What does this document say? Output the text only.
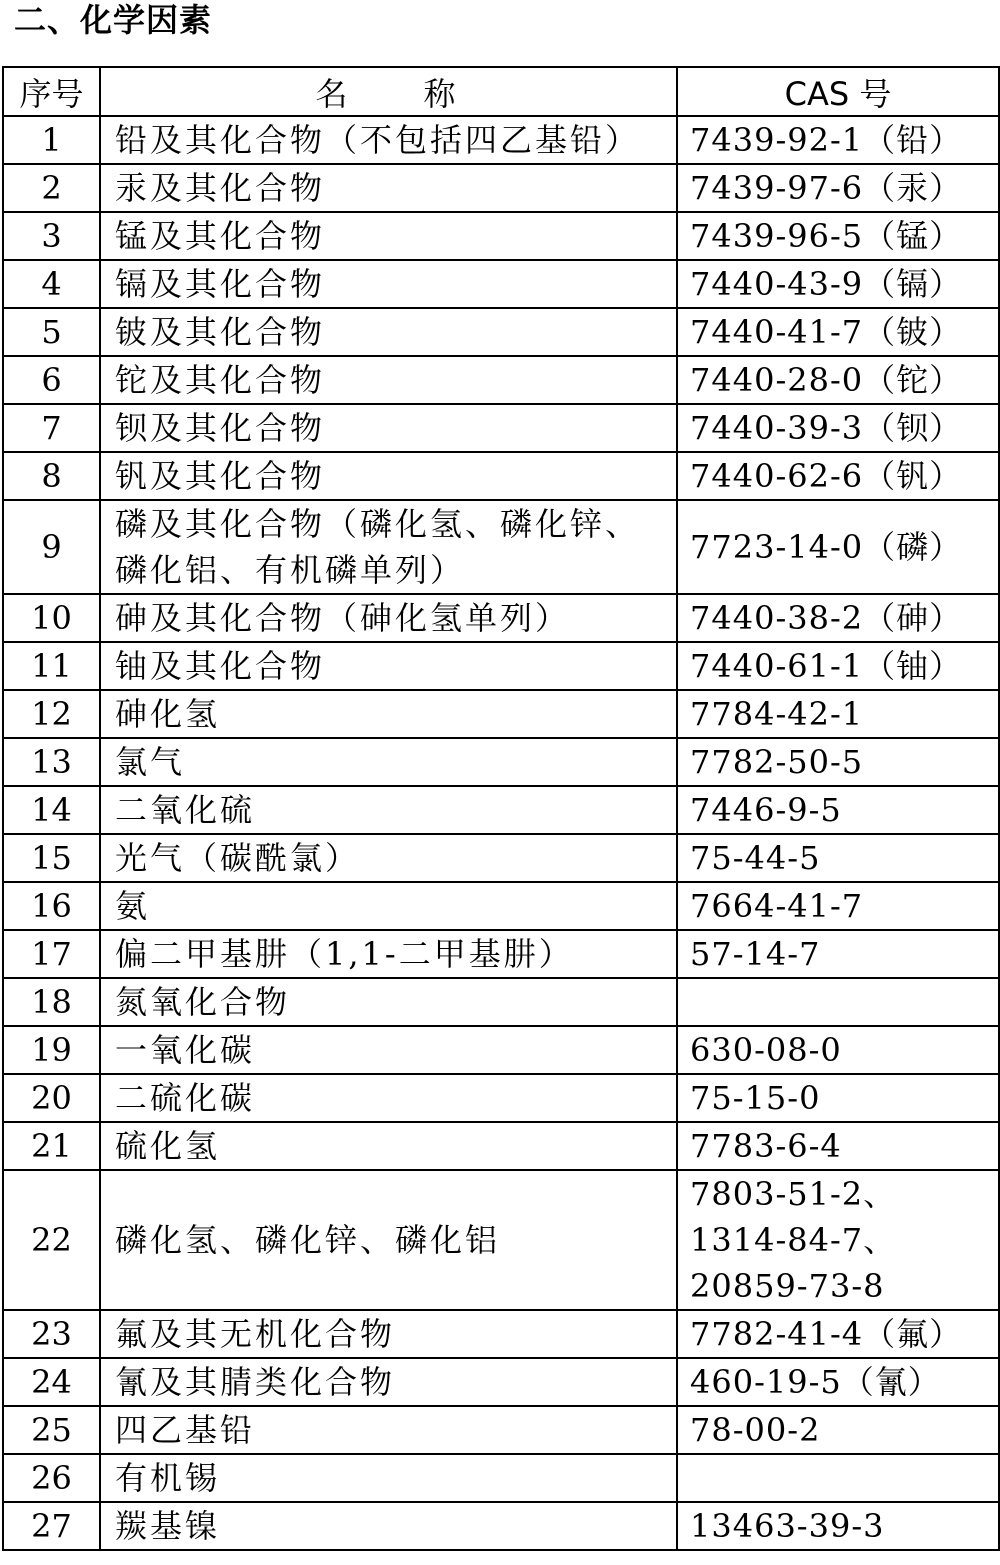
二、化学因素
序号	名 称	CAS 号
1	铅及其化合物（不包括四乙基铅）	7439-92-1（铅）

2	汞及其化合物	7439-97-6（汞）

3	锰及其化合物	7439-96-5（锰）

4	镉及其化合物	7440-43-9（镉）

5	铍及其化合物	7440-41-7（铍）

6	铊及其化合物	7440-28-0（铊）

7	钡及其化合物	7440-39-3（钡）

8	钒及其化合物	7440-62-6（钒）

9	磷及其化合物（磷化氢、磷化锌、
磷化铝、有机磷单列）	7723-14-0（磷）

10	砷及其化合物（砷化氢单列）	7440-38-2（砷）

11	铀及其化合物	7440-61-1（铀）

12	砷化氢	7784-42-1

13	氯气	7782-50-5

14	二氧化硫	7446-9-5

15	光气（碳酰氯）	75-44-5

16	氨	7664-41-7

17	偏二甲基肼（1,1-二甲基肼）	57-14-7

18	氮氧化合物	

19	一氧化碳	630-08-0

20	二硫化碳	75-15-0

21	硫化氢	7783-6-4

22	磷化氢、磷化锌、磷化铝	7803-51-2、
1314-84-7、
20859-73-8

23	氟及其无机化合物	7782-41-4（氟）

24	氰及其腈类化合物	460-19-5（氰）

25	四乙基铅	78-00-2

26	有机锡	

27	羰基镍	13463-39-3
